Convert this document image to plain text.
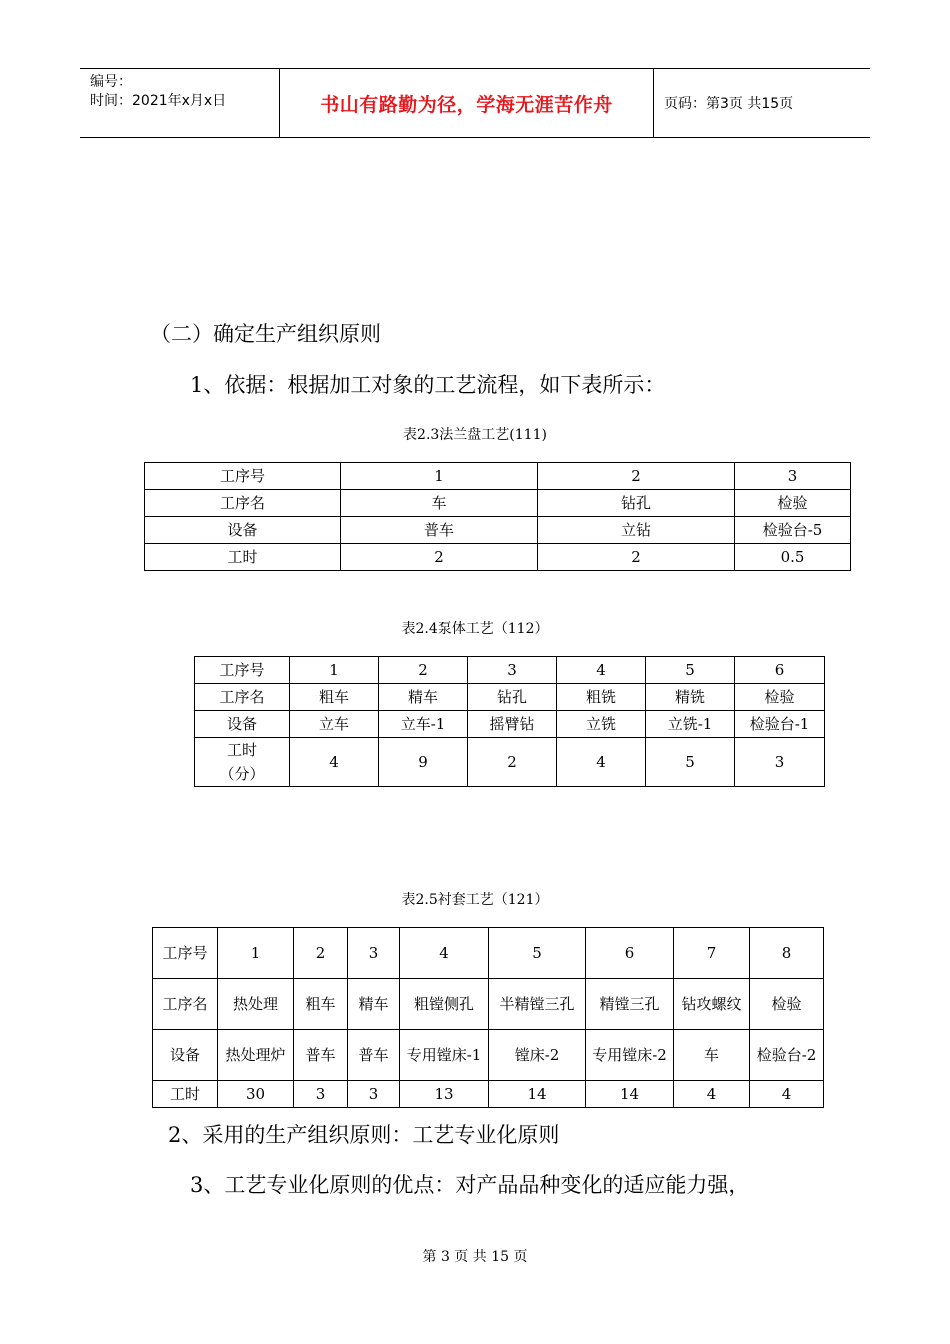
编号：
时间：2021年x月x日	书山有路勤为径，学海无涯苦作舟	页码：第3页 共15页
（二）确定生产组织原则
1、依据：根据加工对象的工艺流程，如下表所示：
表2.3法兰盘工艺(111)
工序号	1	2	3
工序名	车	钻孔	检验
设备	普车	立钻	检验台-5
工时	2	2	0.5
表2.4泵体工艺（112）
工序号	1	2	3	4	5	6
工序名	粗车	精车	钻孔	粗铣	精铣	检验
设备	立车	立车-1	摇臂钻	立铣	立铣-1	检验台-1
工时（分）	4	9	2	4	5	3
表2.5衬套工艺（121）
工序号	1	2	3	4	5	6	7	8
工序名	热处理	粗车	精车	粗镗侧孔	半精镗三孔	精镗三孔	钻攻螺纹	检验
设备	热处理炉	普车	普车	专用镗床-1	镗床-2	专用镗床-2	车	检验台-2
工时	30	3	3	13	14	14	4	4
2、采用的生产组织原则：工艺专业化原则
3、工艺专业化原则的优点：对产品品种变化的适应能力强，
第 3 页 共 15 页
